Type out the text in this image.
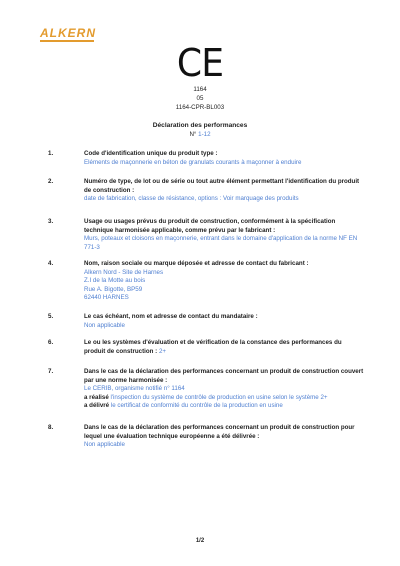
ALKERN
CE
1164
05
1164-CPR-BL003
Déclaration des performances
N° 1-12
1.	Code d'identification unique du produit type :
Eléments de maçonnerie en béton de granulats courants à maçonner à enduire
2.	Numéro de type, de lot ou de série ou tout autre élément permettant l'identification du produit de construction :
date de fabrication, classe de résistance, options : Voir marquage des produits
3.	Usage ou usages prévus du produit de construction, conformément à la spécification technique harmonisée applicable, comme prévu par le fabricant :
Murs, poteaux et cloisons en maçonnerie, entrant dans le domaine d'application de la norme NF EN 771-3
4.	Nom, raison sociale ou marque déposée et adresse de contact du fabricant :
Alkern Nord - Site de Harnes
Z.I de la Motte au bois
Rue A. Bigotte, BP59
62440 HARNES
5.	Le cas échéant, nom et adresse de contact du mandataire :
Non applicable
6.	Le ou les systèmes d'évaluation et de vérification de la constance des performances du produit de construction : 2+
7.	Dans le cas de la déclaration des performances concernant un produit de construction couvert par une norme harmonisée :
Le CERIB, organisme notifié n° 1164
a réalisé l'inspection du système de contrôle de production en usine selon le système 2+
a délivré le certificat de conformité du contrôle de la production en usine
8.	Dans le cas de la déclaration des performances concernant un produit de construction pour lequel une évaluation technique européenne a été délivrée :
Non applicable
1/2
